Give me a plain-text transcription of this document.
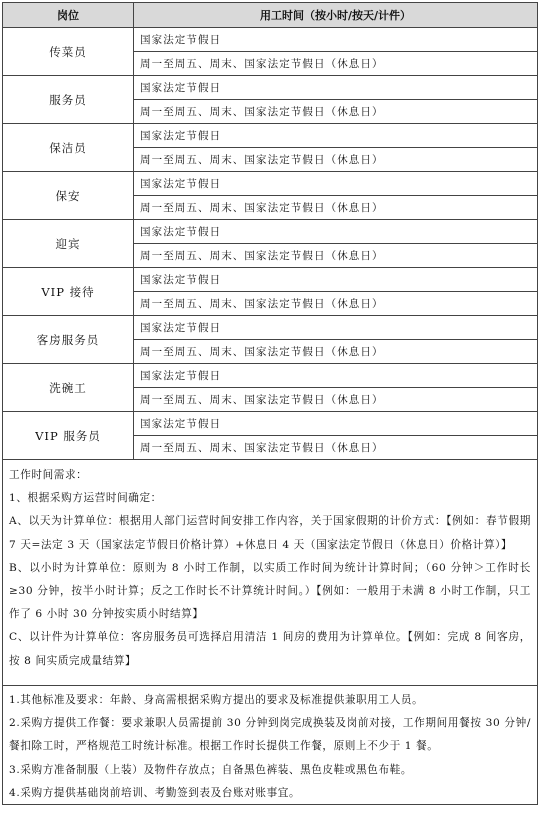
岗位	用工时间（按小时/按天/计件）
传菜员	国家法定节假日
	周一至周五、周末、国家法定节假日（休息日）
服务员	国家法定节假日
	周一至周五、周末、国家法定节假日（休息日）
保洁员	国家法定节假日
	周一至周五、周末、国家法定节假日（休息日）
保安	国家法定节假日
	周一至周五、周末、国家法定节假日（休息日）
迎宾	国家法定节假日
	周一至周五、周末、国家法定节假日（休息日）
VIP 接待	国家法定节假日
	周一至周五、周末、国家法定节假日（休息日）
客房服务员	国家法定节假日
	周一至周五、周末、国家法定节假日（休息日）
洗碗工	国家法定节假日
	周一至周五、周末、国家法定节假日（休息日）
VIP 服务员	国家法定节假日
	周一至周五、周末、国家法定节假日（休息日）

工作时间需求：

1、根据采购方运营时间确定：

A、以天为计算单位：根据用人部门运营时间安排工作内容，关于国家假期的计价方式：【例如：春节假期 7 天=法定 3 天（国家法定节假日价格计算）+休息日 4 天（国家法定节假日（休息日）价格计算）】

B、以小时为计算单位：原则为 8 小时工作制，以实质工作时间为统计计算时间；（60 分钟＞工作时长≥30 分钟，按半小时计算；反之工作时长不计算统计时间。）【例如：一般用于未满 8 小时工作制，只工作了 6 小时 30 分钟按实质小时结算】

C、以计件为计算单位：客房服务员可选择启用清洁 1 间房的费用为计算单位。【例如：完成 8 间客房，按 8 间实质完成量结算】

1.其他标准及要求：年龄、身高需根据采购方提出的要求及标准提供兼职用工人员。

2.采购方提供工作餐：要求兼职人员需提前 30 分钟到岗完成换装及岗前对接，工作期间用餐按 30 分钟/餐扣除工时，严格规范工时统计标准。根据工作时长提供工作餐，原则上不少于 1 餐。

3.采购方准备制服（上装）及物件存放点；自备黑色裤装、黑色皮鞋或黑色布鞋。

4.采购方提供基础岗前培训、考勤签到表及台账对账事宜。
